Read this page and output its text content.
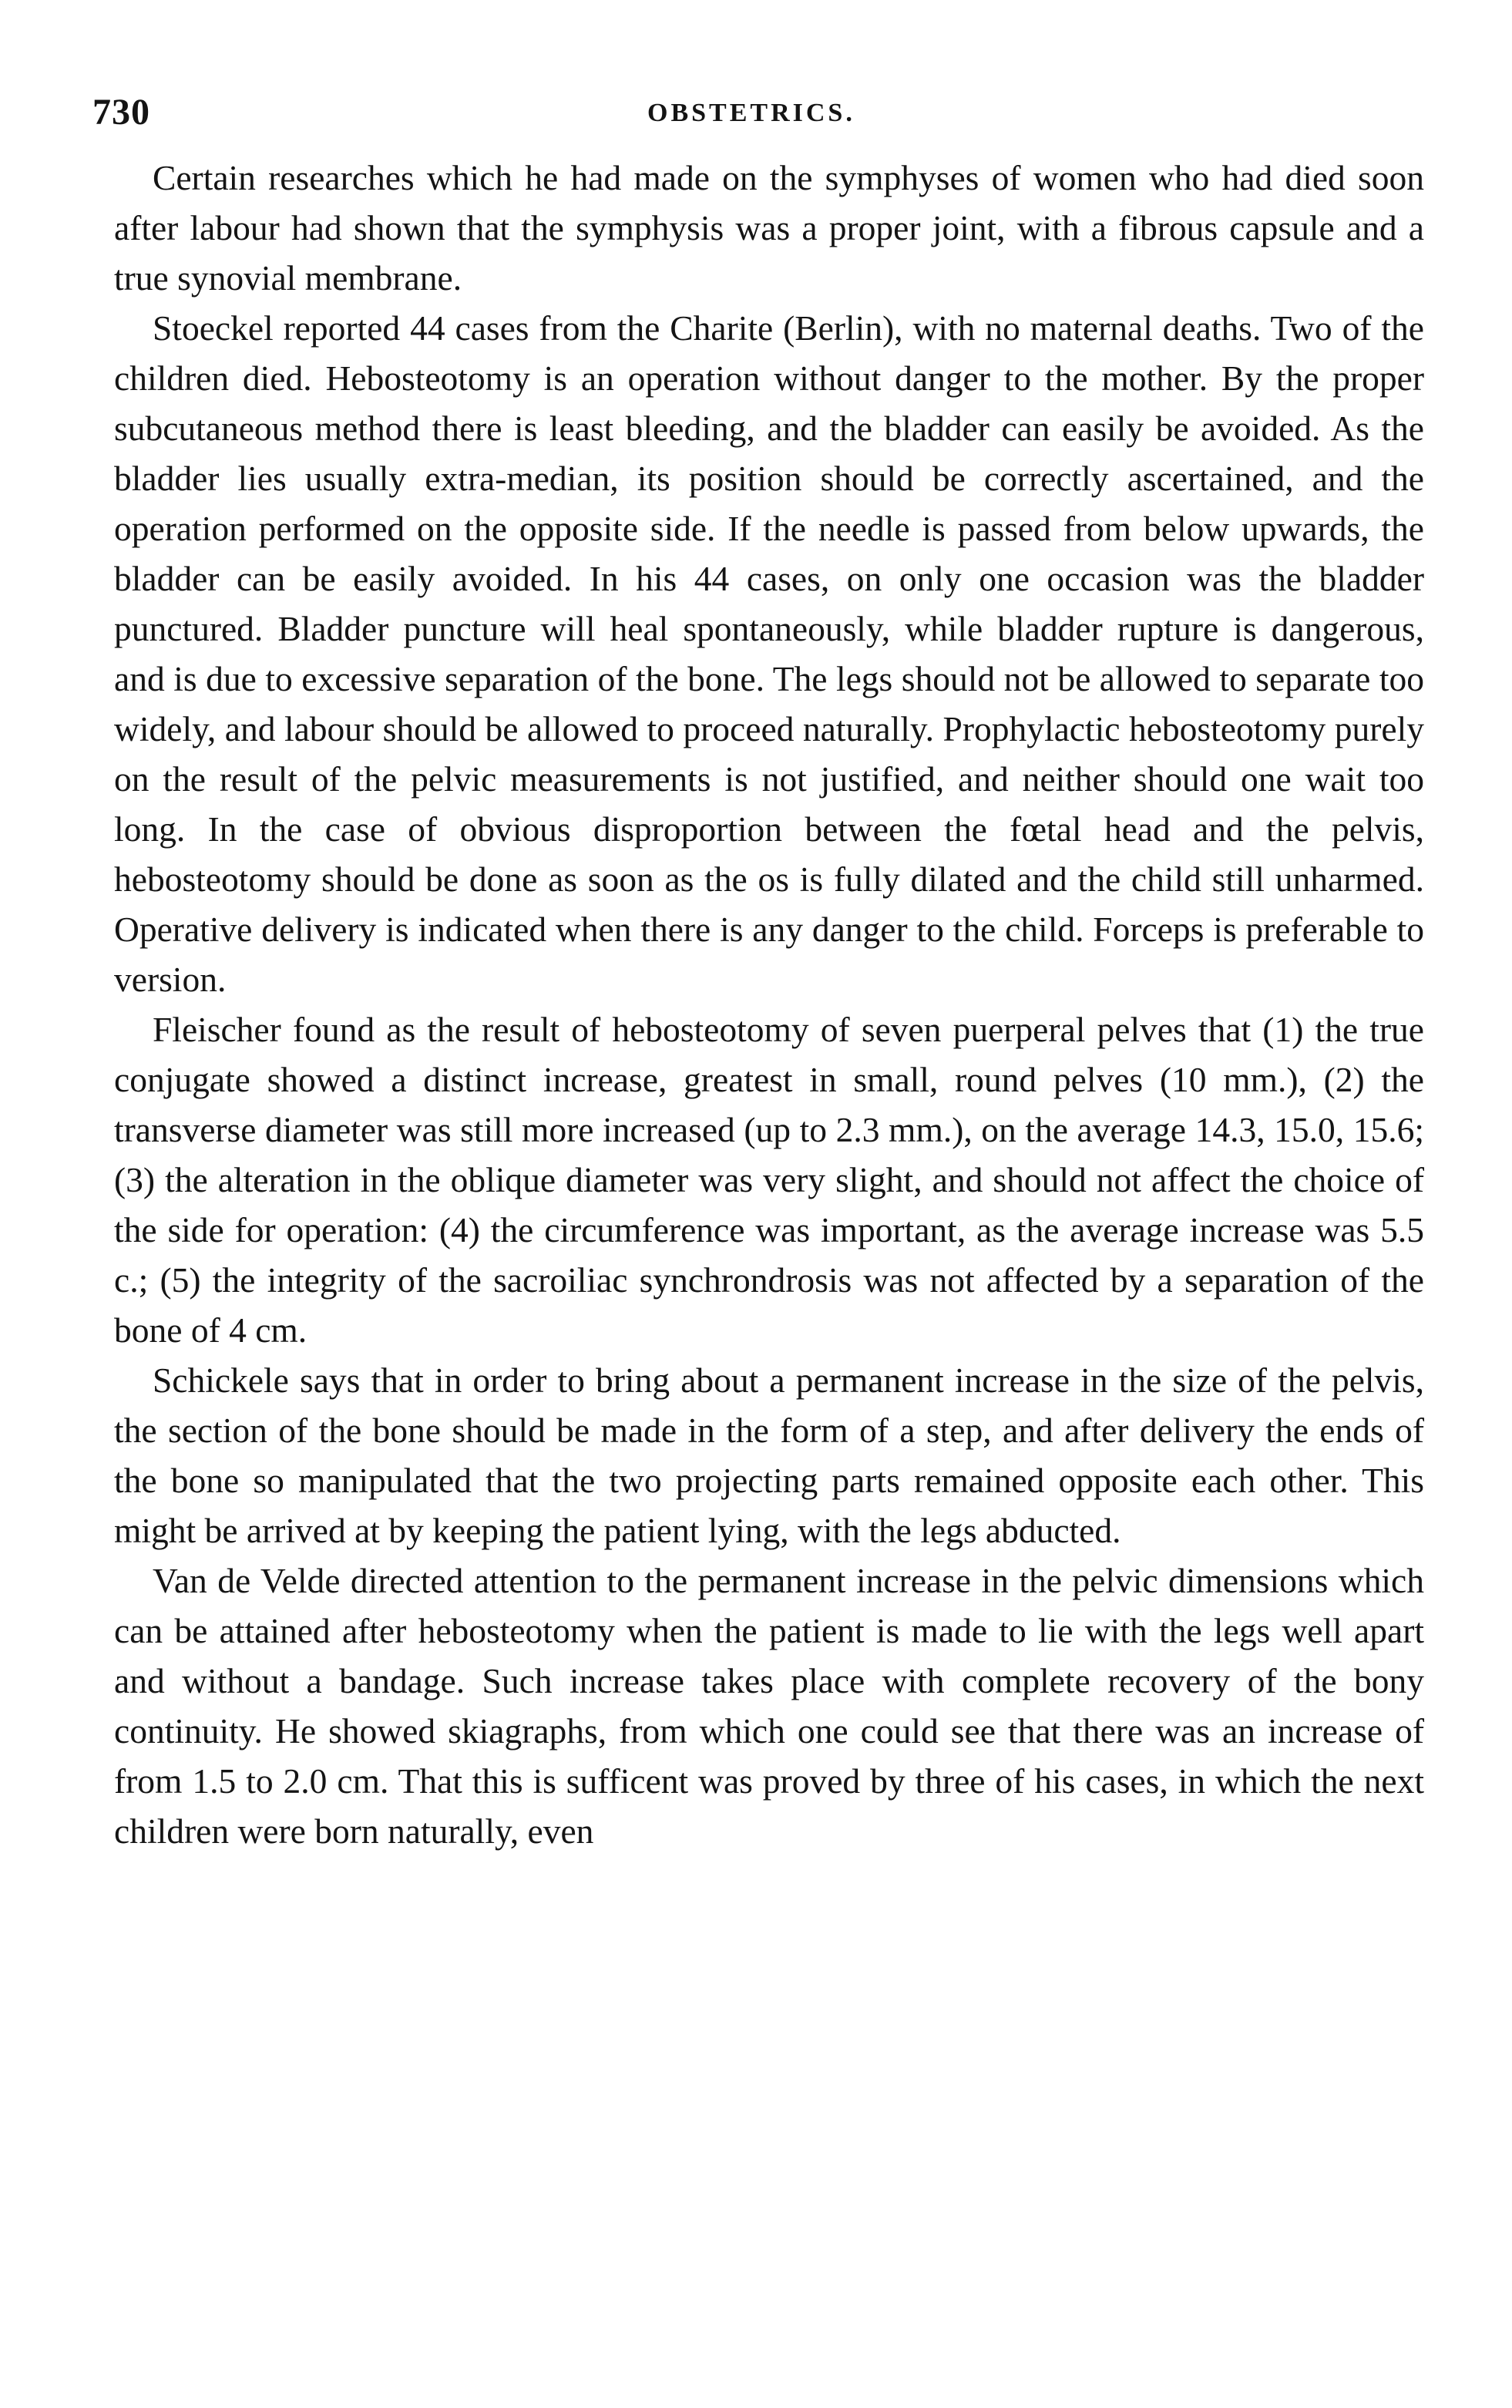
730	OBSTETRICS.

Certain researches which he had made on the symphyses of women who had died soon after labour had shown that the symphysis was a proper joint, with a fibrous capsule and a true synovial membrane.

Stoeckel reported 44 cases from the Charite (Berlin), with no maternal deaths. Two of the children died. Hebosteotomy is an operation without danger to the mother. By the proper subcutaneous method there is least bleeding, and the bladder can easily be avoided. As the bladder lies usually extra-median, its position should be correctly ascertained, and the operation performed on the opposite side. If the needle is passed from below upwards, the bladder can be easily avoided. In his 44 cases, on only one occasion was the bladder punctured. Bladder puncture will heal spontaneously, while bladder rupture is dangerous, and is due to excessive separation of the bone. The legs should not be allowed to separate too widely, and labour should be allowed to proceed naturally. Prophylactic hebosteotomy purely on the result of the pelvic measurements is not justified, and neither should one wait too long. In the case of obvious disproportion between the fœtal head and the pelvis, hebosteotomy should be done as soon as the os is fully dilated and the child still unharmed. Operative delivery is indicated when there is any danger to the child. Forceps is preferable to version.

Fleischer found as the result of hebosteotomy of seven puerperal pelves that (1) the true conjugate showed a distinct increase, greatest in small, round pelves (10 mm.), (2) the transverse diameter was still more increased (up to 2.3 mm.), on the average 14.3, 15.0, 15.6; (3) the alteration in the oblique diameter was very slight, and should not affect the choice of the side for operation: (4) the circumference was important, as the average increase was 5.5 c.; (5) the integrity of the sacroiliac synchrondrosis was not affected by a separation of the bone of 4 cm.

Schickele says that in order to bring about a permanent increase in the size of the pelvis, the section of the bone should be made in the form of a step, and after delivery the ends of the bone so manipulated that the two projecting parts remained opposite each other. This might be arrived at by keeping the patient lying, with the legs abducted.

Van de Velde directed attention to the permanent increase in the pelvic dimensions which can be attained after hebosteotomy when the patient is made to lie with the legs well apart and without a bandage. Such increase takes place with complete recovery of the bony continuity. He showed skiagraphs, from which one could see that there was an increase of from 1.5 to 2.0 cm. That this is sufficent was proved by three of his cases, in which the next children were born naturally, even
